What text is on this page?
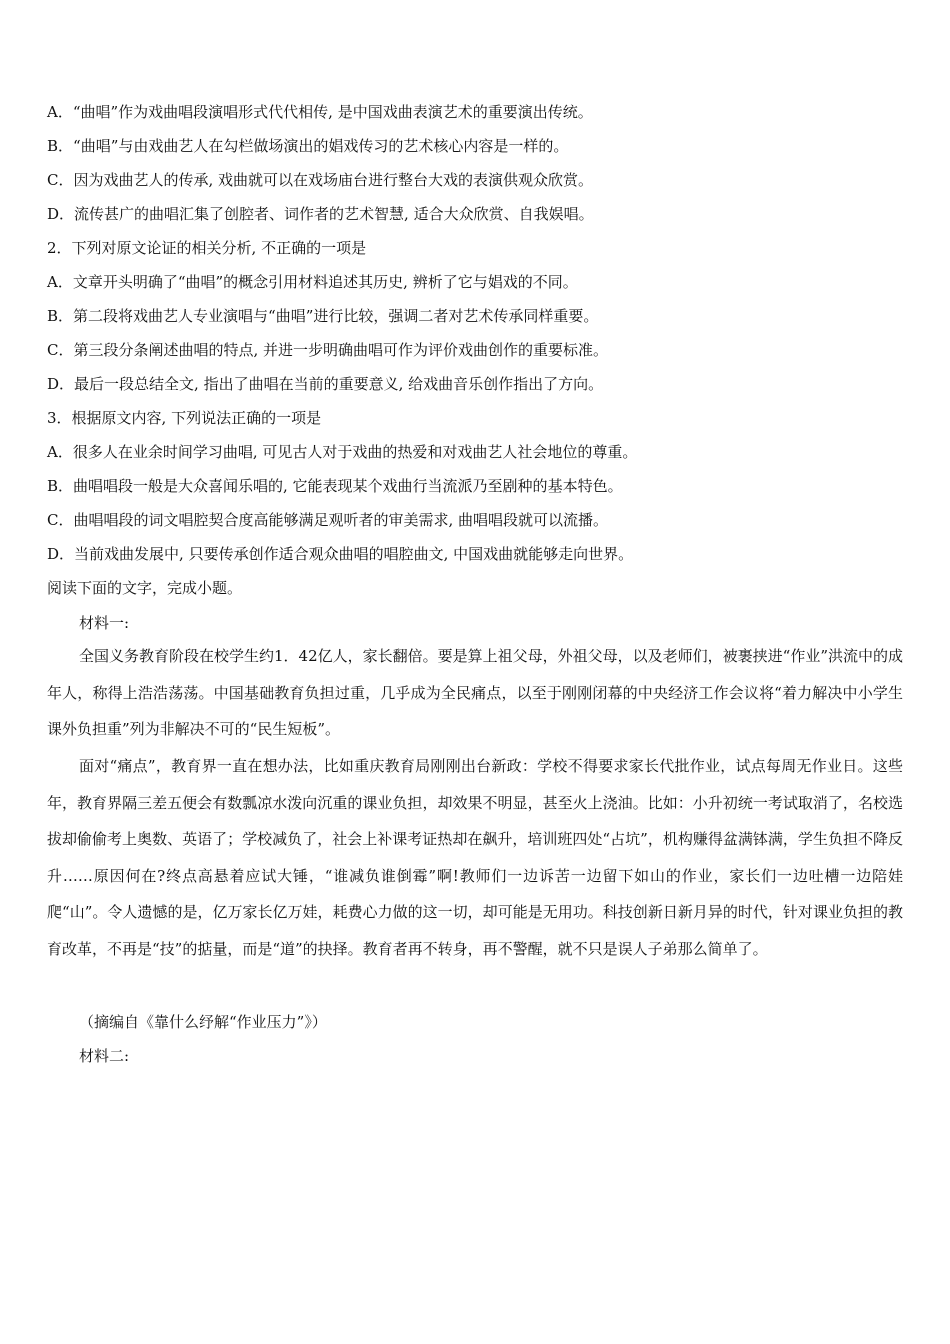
A．“曲唱”作为戏曲唱段演唱形式代代相传, 是中国戏曲表演艺术的重要演出传统。
B．“曲唱”与由戏曲艺人在勾栏做场演出的娼戏传习的艺术核心内容是一样的。
C．因为戏曲艺人的传承, 戏曲就可以在戏场庙台进行整台大戏的表演供观众欣赏。
D．流传甚广的曲唱汇集了创腔者、词作者的艺术智慧, 适合大众欣赏、自我娱唱。
2．下列对原文论证的相关分析, 不正确的一项是
A．文章开头明确了“曲唱”的概念引用材料追述其历史, 辨析了它与娼戏的不同。
B．第二段将戏曲艺人专业演唱与“曲唱”进行比较，强调二者对艺术传承同样重要。
C．第三段分条阐述曲唱的特点, 并进一步明确曲唱可作为评价戏曲创作的重要标准。
D．最后一段总结全文, 指出了曲唱在当前的重要意义, 给戏曲音乐创作指出了方向。
3．根据原文内容, 下列说法正确的一项是
A．很多人在业余时间学习曲唱, 可见古人对于戏曲的热爱和对戏曲艺人社会地位的尊重。
B．曲唱唱段一般是大众喜闻乐唱的, 它能表现某个戏曲行当流派乃至剧种的基本特色。
C．曲唱唱段的词文唱腔契合度高能够满足观听者的审美需求, 曲唱唱段就可以流播。
D．当前戏曲发展中, 只要传承创作适合观众曲唱的唱腔曲文, 中国戏曲就能够走向世界。
阅读下面的文字，完成小题。
材料一:

全国义务教育阶段在校学生约1．42亿人，家长翻倍。要是算上祖父母，外祖父母，以及老师们，被裹挟进“作业”洪流中的成年人，称得上浩浩荡荡。中国基础教育负担过重，几乎成为全民痛点，以至于刚刚闭幕的中央经济工作会议将“着力解决中小学生课外负担重”列为非解决不可的“民生短板”。

面对“痛点”，教育界一直在想办法，比如重庆教育局刚刚出台新政：学校不得要求家长代批作业，试点每周无作业日。这些年，教育界隔三差五便会有数瓢凉水泼向沉重的课业负担，却效果不明显，甚至火上浇油。比如：小升初统一考试取消了，名校选拔却偷偷考上奥数、英语了；学校减负了，社会上补课考证热却在飙升，培训班四处“占坑”，机构赚得盆满钵满，学生负担不降反升……原因何在?终点高悬着应试大锤，“谁减负谁倒霉”啊!教师们一边诉苦一边留下如山的作业，家长们一边吐槽一边陪娃爬“山”。令人遗憾的是，亿万家长亿万娃，耗费心力做的这一切，却可能是无用功。科技创新日新月异的时代，针对课业负担的教育改革，不再是“技”的掂量，而是“道”的抉择。教育者再不转身，再不警醒，就不只是误人子弟那么简单了。

（摘编自《靠什么纾解“作业压力”》）
材料二:
